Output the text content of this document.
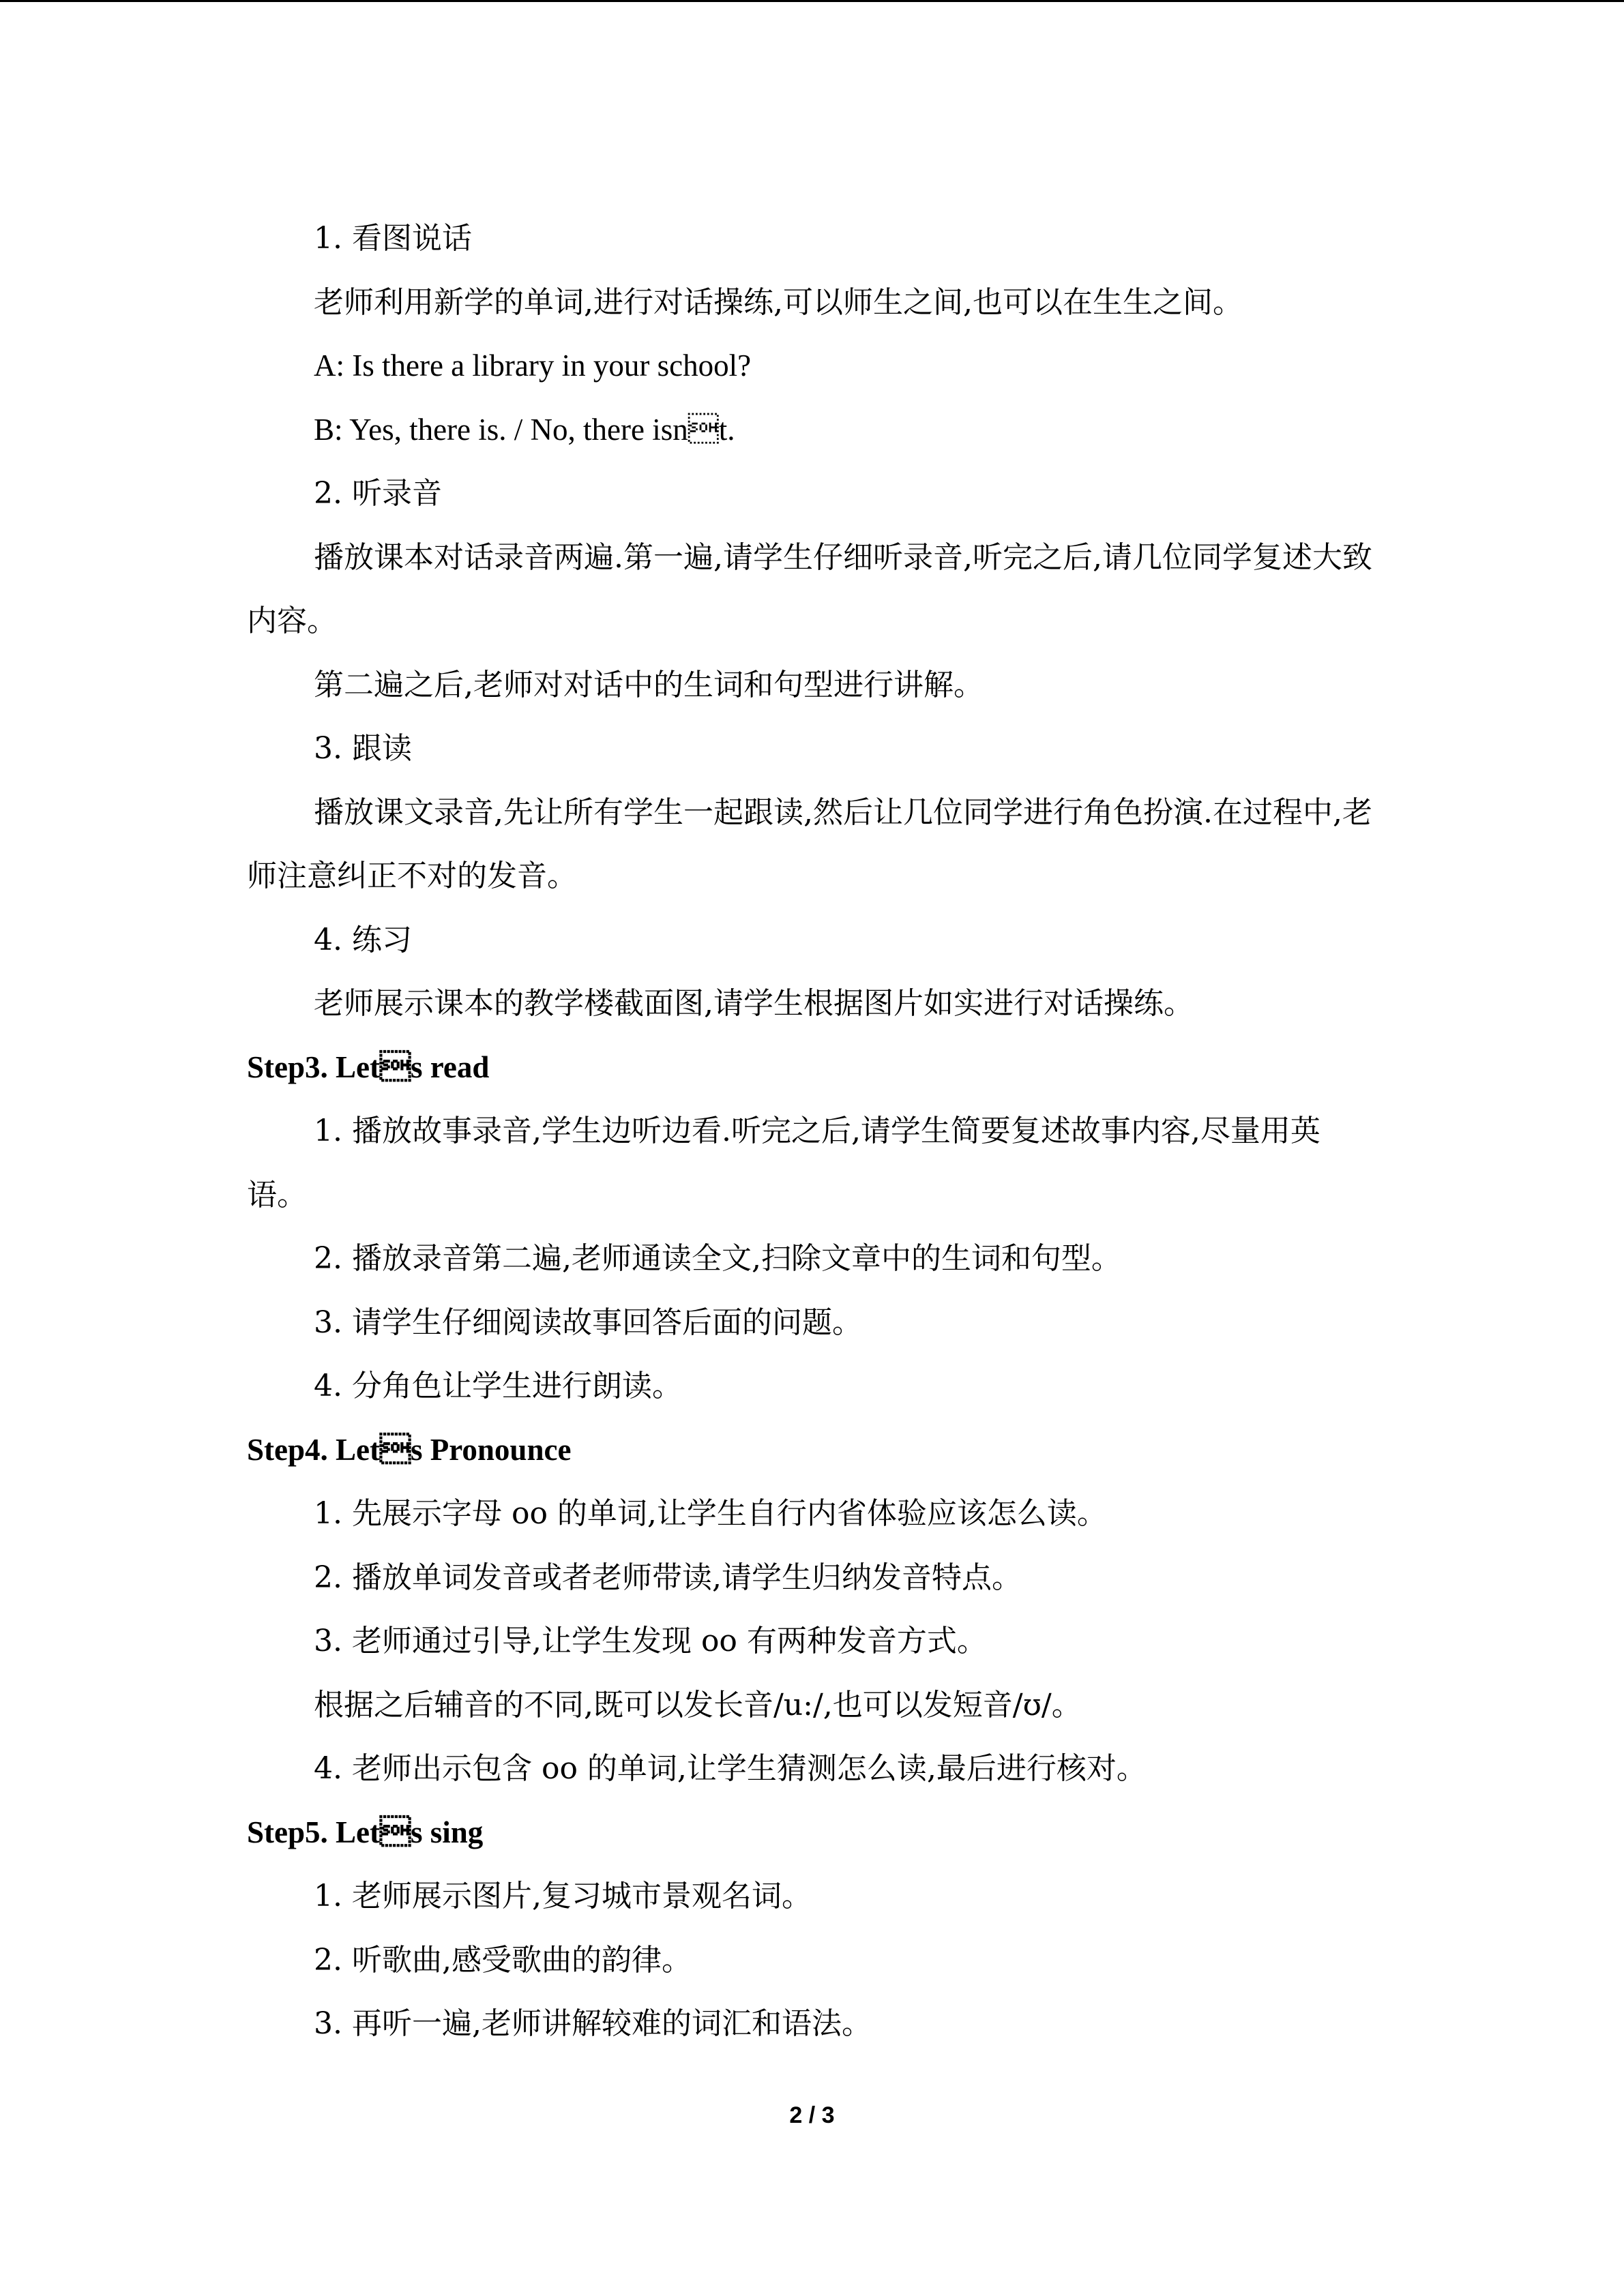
1. 看图说话
老师利用新学的单词,进行对话操练,可以师生之间,也可以在生生之间。
A: Is there a library in your school?
B: Yes, there is. / No, there isnt.
2. 听录音
播放课本对话录音两遍.第一遍,请学生仔细听录音,听完之后,请几位同学复述大致内容。
第二遍之后,老师对对话中的生词和句型进行讲解。
3. 跟读
播放课文录音,先让所有学生一起跟读,然后让几位同学进行角色扮演.在过程中,老师注意纠正不对的发音。
4. 练习
老师展示课本的教学楼截面图,请学生根据图片如实进行对话操练。
Step3. Lets read
1. 播放故事录音,学生边听边看.听完之后,请学生简要复述故事内容,尽量用英语。
2. 播放录音第二遍,老师通读全文,扫除文章中的生词和句型。
3. 请学生仔细阅读故事回答后面的问题。
4. 分角色让学生进行朗读。
Step4. Lets Pronounce
1. 先展示字母 oo 的单词,让学生自行内省体验应该怎么读。
2. 播放单词发音或者老师带读,请学生归纳发音特点。
3. 老师通过引导,让学生发现 oo 有两种发音方式。
根据之后辅音的不同,既可以发长音/u:/,也可以发短音/ʊ/。
4. 老师出示包含 oo 的单词,让学生猜测怎么读,最后进行核对。
Step5. Lets sing
1. 老师展示图片,复习城市景观名词。
2. 听歌曲,感受歌曲的韵律。
3. 再听一遍,老师讲解较难的词汇和语法。
2 / 3
